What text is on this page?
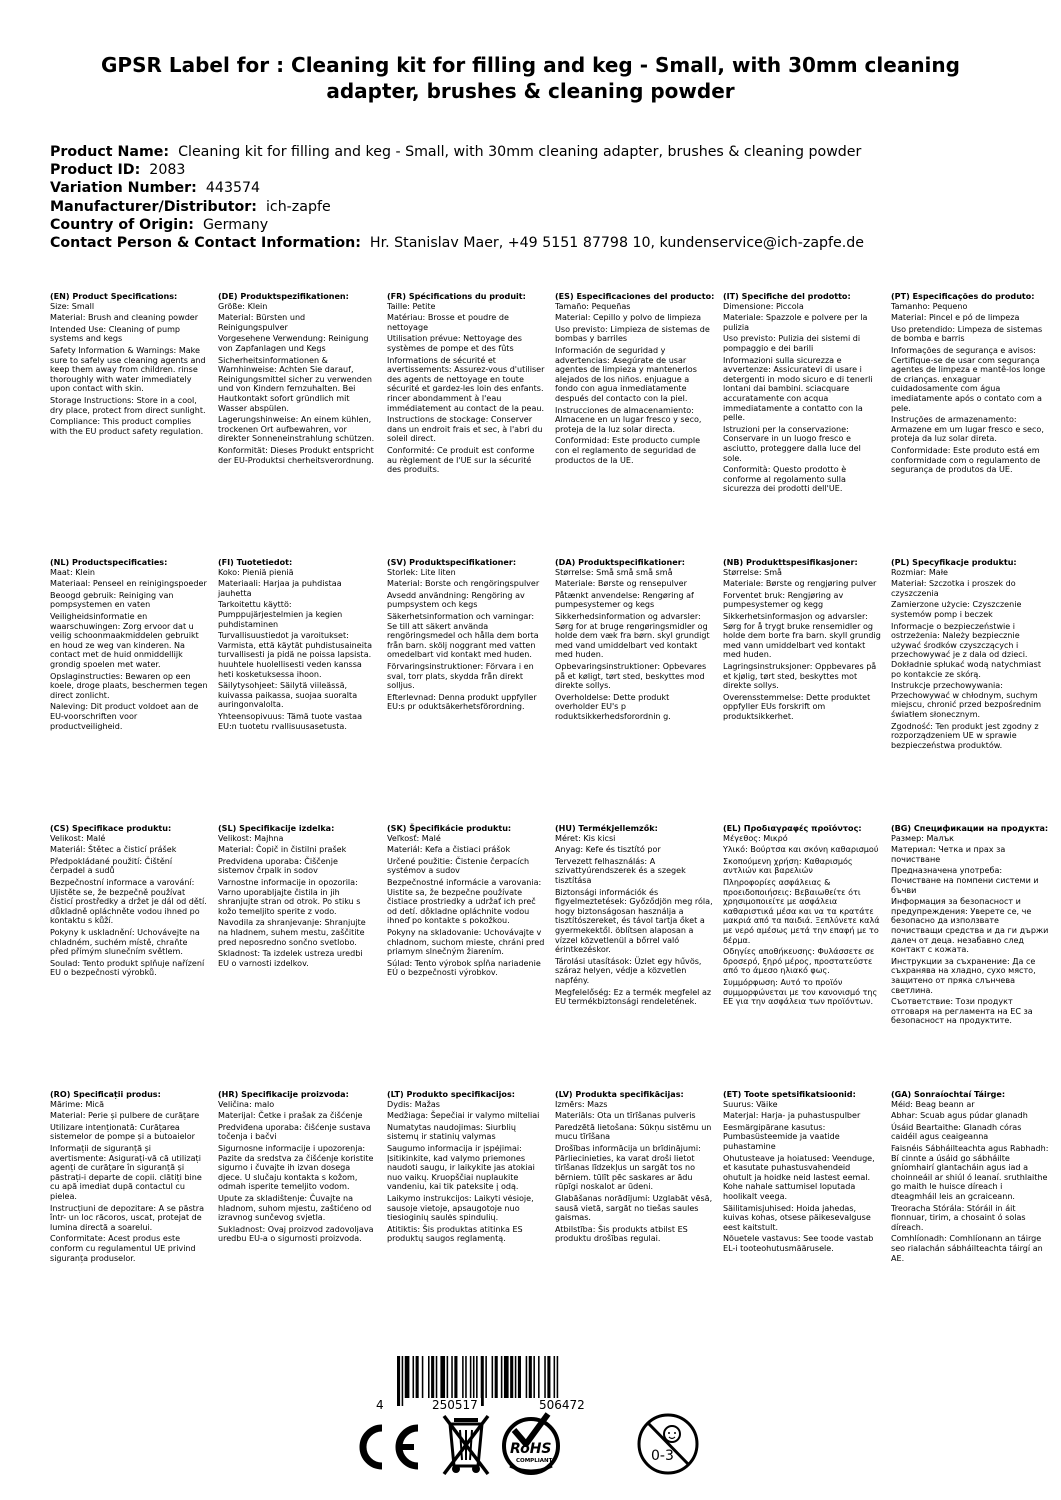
GPSR Label for : Cleaning kit for filling and keg - Small, with 30mm cleaning adapter, brushes & cleaning powder
Product Name: Cleaning kit for filling and keg - Small, with 30mm cleaning adapter, brushes & cleaning powder
Product ID: 2083
Variation Number: 443574
Manufacturer/Distributor: ich-zapfe
Country of Origin: Germany
Contact Person & Contact Information: Hr. Stanislav Maer, +49 5151 87798 10, kundenservice@ich-zapfe.de
(EN) Product Specifications:

Size: Small

Material: Brush and cleaning powder

Intended Use: Cleaning of pump systems and kegs

Safety Information & Warnings: Make sure to safely use cleaning agents and keep them away from children. rinse thoroughly with water immediately upon contact with skin.

Storage Instructions: Store in a cool, dry place, protect from direct sunlight.

Compliance: This product complies with the EU product safety regulation.

(DE) Produktspezifikationen:

Größe: Klein

Material: Bürsten und Reinigungspulver

Vorgesehene Verwendung: Reinigung von Zapfanlagen und Kegs

Sicherheitsinformationen & Warnhinweise: Achten Sie darauf, Reinigungsmittel sicher zu verwenden und von Kindern fernzuhalten. Bei Hautkontakt sofort gründlich mit Wasser abspülen.

Lagerungshinweise: An einem kühlen, trockenen Ort aufbewahren, vor direkter Sonneneinstrahlung schützen.

Konformität: Dieses Produkt entspricht der EU-Produktsi cherheitsverordnung.

(FR) Spécifications du produit:

Taille: Petite

Matériau: Brosse et poudre de nettoyage

Utilisation prévue: Nettoyage des systèmes de pompe et des fûts

Informations de sécurité et avertissements: Assurez-vous d'utiliser des agents de nettoyage en toute sécurité et gardez-les loin des enfants. rincer abondamment à l'eau immédiatement au contact de la peau.

Instructions de stockage: Conserver dans un endroit frais et sec, à l'abri du soleil direct.

Conformité: Ce produit est conforme au règlement de l'UE sur la sécurité des produits.

(ES) Especificaciones del producto:

Tamaño: Pequeñas

Material: Cepillo y polvo de limpieza

Uso previsto: Limpieza de sistemas de bombas y barriles

Información de seguridad y advertencias: Asegúrate de usar agentes de limpieza y mantenerlos alejados de los niños. enjuague a fondo con agua inmediatamente después del contacto con la piel.

Instrucciones de almacenamiento: Almacene en un lugar fresco y seco, proteja de la luz solar directa.

Conformidad: Este producto cumple con el reglamento de seguridad de productos de la UE.

(IT) Specifiche del prodotto:

Dimensione: Piccola

Materiale: Spazzole e polvere per la pulizia

Uso previsto: Pulizia dei sistemi di pompaggio e dei barili

Informazioni sulla sicurezza e avvertenze: Assicuratevi di usare i detergenti in modo sicuro e di tenerli lontani dai bambini. sciacquare accuratamente con acqua immediatamente a contatto con la pelle.

Istruzioni per la conservazione: Conservare in un luogo fresco e asciutto, proteggere dalla luce del sole.

Conformità: Questo prodotto è conforme al regolamento sulla sicurezza dei prodotti dell'UE.

(PT) Especificações do produto:

Tamanho: Pequeno

Material: Pincel e pó de limpeza

Uso pretendido: Limpeza de sistemas de bomba e barris

Informações de segurança e avisos: Certifique-se de usar com segurança agentes de limpeza e mantê-los longe de crianças. enxaguar cuidadosamente com água imediatamente após o contato com a pele.

Instruções de armazenamento: Armazene em um lugar fresco e seco, proteja da luz solar direta.

Conformidade: Este produto está em conformidade com o regulamento de segurança de produtos da UE.

(NL) Productspecificaties:

Maat: Klein

Materiaal: Penseel en reinigingspoeder

Beoogd gebruik: Reiniging van pompsystemen en vaten

Veiligheidsinformatie en waarschuwingen: Zorg ervoor dat u veilig schoonmaakmiddelen gebruikt en houd ze weg van kinderen. Na contact met de huid onmiddellijk grondig spoelen met water.

Opslaginstructies: Bewaren op een koele, droge plaats, beschermen tegen direct zonlicht.

Naleving: Dit product voldoet aan de EU-voorschriften voor productveiligheid.

(FI) Tuotetiedot:

Koko: Pieniä pieniä

Materiaali: Harjaa ja puhdistaa jauhetta

Tarkoitettu käyttö: Pumppujärjestelmien ja kegien puhdistaminen

Turvallisuustiedot ja varoitukset: Varmista, että käytät puhdistusaineita turvallisesti ja pidä ne poissa lapsista. huuhtele huolellisesti veden kanssa heti kosketuksessa ihoon.

Säilytysohjeet: Säilytä viileässä, kuivassa paikassa, suojaa suoralta auringonvalolta.

Yhteensopivuus: Tämä tuote vastaa EU:n tuotetu rvallisuusasetusta.

(SV) Produktspecifikationer:

Storlek: Lite liten

Material: Borste och rengöringspulver

Avsedd användning: Rengöring av pumpsystem och kegs

Säkerhetsinformation och varningar: Se till att säkert använda rengöringsmedel och hålla dem borta från barn. skölj noggrant med vatten omedelbart vid kontakt med huden.

Förvaringsinstruktioner: Förvara i en sval, torr plats, skydda från direkt solljus.

Efterlevnad: Denna produkt uppfyller EU:s pr oduktsäkerhetsförordning.

(DA) Produktspecifikationer:

Størrelse: Små små små små

Materiale: Børste og rensepulver

Påtænkt anvendelse: Rengøring af pumpesystemer og kegs

Sikkerhedsinformation og advarsler: Sørg for at bruge rengøringsmidler og holde dem væk fra børn. skyl grundigt med vand umiddelbart ved kontakt med huden.

Opbevaringsinstruktioner: Opbevares på et køligt, tørt sted, beskyttes mod direkte sollys.

Overholdelse: Dette produkt overholder EU's p roduktsikkerhedsforordnin g.

(NB) Produkttspesifikasjoner:

Størrelse: Små

Materiale: Børste og rengjøring pulver

Forventet bruk: Rengjøring av pumpesystemer og kegg

Sikkerhetsinformasjon og advarsler: Sørg for å trygt bruke rensemidler og holde dem borte fra barn. skyll grundig med vann umiddelbart ved kontakt med huden.

Lagringsinstruksjoner: Oppbevares på et kjølig, tørt sted, beskyttes mot direkte sollys.

Overensstemmelse: Dette produktet oppfyller EUs forskrift om produktsikkerhet.

(PL) Specyfikacje produktu:

Rozmiar: Małe

Materiał: Szczotka i proszek do czyszczenia

Zamierzone użycie: Czyszczenie systemów pomp i beczek

Informacje o bezpieczeństwie i ostrzeżenia: Należy bezpiecznie używać środków czyszczących i przechowywać je z dala od dzieci. Dokładnie spłukać wodą natychmiast po kontakcie ze skórą.

Instrukcje przechowywania: Przechowywać w chłodnym, suchym miejscu, chronić przed bezpośrednim światłem słonecznym.

Zgodność: Ten produkt jest zgodny z rozporządzeniem UE w sprawie bezpieczeństwa produktów.

(CS) Specifikace produktu:

Velikost: Malé

Materiál: Štětec a čisticí prášek

Předpokládané použití: Čištění čerpadel a sudů

Bezpečnostní informace a varování: Ujistěte se, že bezpečně používat čisticí prostředky a držet je dál od dětí. důkladně opláchněte vodou ihned po kontaktu s kůží.

Pokyny k uskladnění: Uchovávejte na chladném, suchém místě, chraňte před přímým slunečním světlem.

Soulad: Tento produkt splňuje nařízení EU o bezpečnosti výrobků.

(SL) Specifikacije izdelka:

Velikost: Majhna

Material: Čopič in čistilni prašek

Predvidena uporaba: Čiščenje sistemov črpalk in sodov

Varnostne informacije in opozorila: Varno uporabljajte čistila in jih shranjujte stran od otrok. Po stiku s kožo temeljito sperite z vodo.

Navodila za shranjevanje: Shranjujte na hladnem, suhem mestu, zaščitite pred neposredno sončno svetlobo.

Skladnost: Ta izdelek ustreza uredbi EU o varnosti izdelkov.

(SK) Špecifikácie produktu:

Veľkosť: Malé

Materiál: Kefa a čistiaci prášok

Určené použitie: Čistenie čerpacích systémov a sudov

Bezpečnostné informácie a varovania: Uistite sa, že bezpečne používate čistiace prostriedky a udržať ich preč od detí. dôkladne opláchnite vodou ihneď po kontakte s pokožkou.

Pokyny na skladovanie: Uchovávajte v chladnom, suchom mieste, chráni pred priamym slnečným žiarením.

Súlad: Tento výrobok spĺňa nariadenie EÚ o bezpečnosti výrobkov.

(HU) Termékjellemzők:

Méret: Kis kicsi

Anyag: Kefe és tisztító por

Tervezett felhasználás: A szivattyúrendszerek és a szegek tisztítása

Biztonsági információk és figyelmeztetések: Győződjön meg róla, hogy biztonságosan használja a tisztítószereket, és távol tartja őket a gyermekektől. öblítsen alaposan a vízzel közvetlenül a bőrrel való érintkezéskor.

Tárolási utasítások: Üzlet egy hűvös, száraz helyen, védje a közvetlen napfény.

Megfelelőség: Ez a termék megfelel az EU termékbiztonsági rendeletének.

(EL) Προδιαγραφές προϊόντος:

Μέγεθος: Μικρό

Υλικό: Βούρτσα και σκόνη καθαρισμού

Σκοπούμενη χρήση: Καθαρισμός αντλιών και βαρελιών

Πληροφορίες ασφάλειας & προειδοποιήσεις: Βεβαιωθείτε ότι χρησιμοποιείτε με ασφάλεια καθαριστικά μέσα και να τα κρατάτε μακριά από τα παιδιά. Ξεπλύνετε καλά με νερό αμέσως μετά την επαφή με το δέρμα.

Οδηγίες αποθήκευσης: Φυλάσσετε σε δροσερό, ξηρό μέρος, προστατεύστε από το άμεσο ηλιακό φως.

Συμμόρφωση: Αυτό το προϊόν συμμορφώνεται με τον κανονισμό της ΕΕ για την ασφάλεια των προϊόντων.

(BG) Спецификации на продукта:

Размер: Малък

Материал: Четка и прах за почистване

Предназначена употреба: Почистване на помпени системи и бъчви

Информация за безопасност и предупреждения: Уверете се, че безопасно да използвате почистващи средства и да ги държи далеч от деца. незабавно след контакт с кожата.

Инструкции за съхранение: Да се съхранява на хладно, сухо място, защитено от пряка слънчева светлина.

Съответствие: Този продукт отговаря на регламента на ЕС за безопасност на продуктите.

(RO) Specificații produs:

Mărime: Mică

Material: Perie și pulbere de curățare

Utilizare intenționată: Curățarea sistemelor de pompe și a butoaielor

Informații de siguranță și avertismente: Asigurați-vă că utilizați agenți de curățare în siguranță și păstrați-i departe de copii. clătiți bine cu apă imediat după contactul cu pielea.

Instrucțiuni de depozitare: A se păstra într- un loc răcoros, uscat, protejat de lumina directă a soarelui.

Conformitate: Acest produs este conform cu regulamentul UE privind siguranța produselor.

(HR) Specifikacije proizvoda:

Veličina: malo

Materijal: Četke i prašak za čišćenje

Predviđena uporaba: čišćenje sustava točenja i bačvi

Sigurnosne informacije i upozorenja: Pazite da sredstva za čišćenje koristite sigurno i čuvajte ih izvan dosega djece. U slučaju kontakta s kožom, odmah isperite temeljito vodom.

Upute za skladištenje: Čuvajte na hladnom, suhom mjestu, zaštićeno od izravnog sunčevog svjetla.

Sukladnost: Ovaj proizvod zadovoljava uredbu EU-a o sigurnosti proizvoda.

(LT) Produkto specifikacijos:

Dydis: Mažas

Medžiaga: Šepečiai ir valymo milteliai

Numatytas naudojimas: Siurblių sistemų ir statinių valymas

Saugumo informacija ir įspėjimai: Įsitikinkite, kad valymo priemones naudoti saugu, ir laikykite jas atokiai nuo vaikų. Kruopščiai nuplaukite vandeniu, kai tik pateksite į odą.

Laikymo instrukcijos: Laikyti vėsioje, sausoje vietoje, apsaugotoje nuo tiesioginių saulės spindulių.

Atitiktis: Šis produktas atitinka ES produktų saugos reglamentą.

(LV) Produkta specifikācijas:

Izmērs: Mazs

Materiāls: Ota un tīrīšanas pulveris

Paredzētā lietošana: Sūkņu sistēmu un mucu tīrīšana

Drošības informācija un brīdinājumi: Pārliecinieties, ka varat droši lietot tīrīšanas līdzekļus un sargāt tos no bērniem. tūlīt pēc saskares ar ādu rūpīgi noskalot ar ūdeni.

Glabāšanas norādījumi: Uzglabāt vēsā, sausā vietā, sargāt no tiešas saules gaismas.

Atbilstība: Šis produkts atbilst ES produktu drošības regulai.

(ET) Toote spetsifikatsioonid:

Suurus: Väike

Materjal: Harja- ja puhastuspulber

Eesmärgipärane kasutus: Pumbasüsteemide ja vaatide puhastamine

Ohutusteave ja hoiatused: Veenduge, et kasutate puhastusvahendeid ohutult ja hoidke neid lastest eemal. Kohe nahale sattumisel loputada hoolikalt veega.

Säilitamisjuhised: Hoida jahedas, kuivas kohas, otsese päikesevalguse eest kaitstult.

Nõuetele vastavus: See toode vastab EL-i tooteohutusmäärusele.

(GA) Sonraíochtaí Táirge:

Méid: Beag beann ar

Abhar: Scuab agus púdar glanadh

Úsáid Beartaithe: Glanadh córas caidéil agus ceaigeanna

Faisnéis Sábháilteachta agus Rabhadh: Bí cinnte a úsáid go sábháilte gníomhairí glantacháin agus iad a choinneáil ar shiúl ó leanaí. sruthlaithe go maith le huisce díreach i dteagmháil leis an gcraiceann.

Treoracha Stórála: Stóráil in áit fionnuar, tirim, a chosaint ó solas díreach.

Comhlíonadh: Comhlíonann an táirge seo rialachán sábháilteachta táirgí an AE.

4	250517	506472
RoHS
COMPLIANT	0-3
